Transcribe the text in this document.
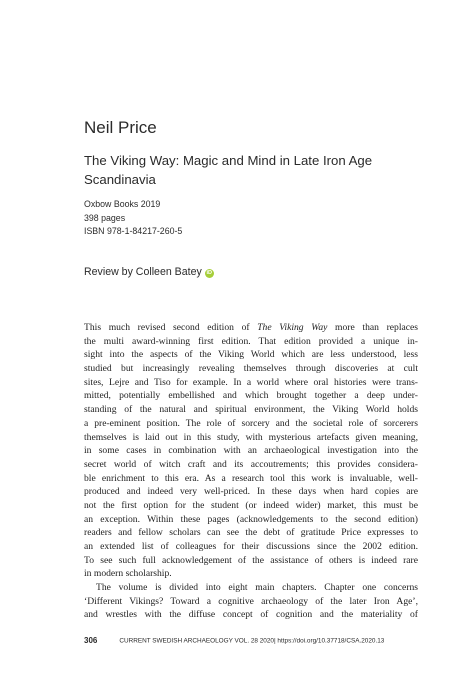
Neil Price
The Viking Way: Magic and Mind in Late Iron Age Scandinavia
Oxbow Books 2019
398 pages
ISBN 978-1-84217-260-5
Review by Colleen Batey iD
This much revised second edition of The Viking Way more than replaces
the multi award-winning first edition. That edition provided a unique in-
sight into the aspects of the Viking World which are less understood, less
studied but increasingly revealing themselves through discoveries at cult
sites, Lejre and Tiso for example. In a world where oral histories were trans-
mitted, potentially embellished and which brought together a deep under-
standing of the natural and spiritual environment, the Viking World holds
a pre-eminent position. The role of sorcery and the societal role of sorcerers
themselves is laid out in this study, with mysterious artefacts given meaning,
in some cases in combination with an archaeological investigation into the
secret world of witch craft and its accoutrements; this provides considera-
ble enrichment to this era. As a research tool this work is invaluable, well-
produced and indeed very well-priced. In these days when hard copies are
not the first option for the student (or indeed wider) market, this must be
an exception. Within these pages (acknowledgements to the second edition)
readers and fellow scholars can see the debt of gratitude Price expresses to
an extended list of colleagues for their discussions since the 2002 edition.
To see such full acknowledgement of the assistance of others is indeed rare
in modern scholarship.
The volume is divided into eight main chapters. Chapter one concerns
‘Different Vikings? Toward a cognitive archaeology of the later Iron Age’,
and wrestles with the diffuse concept of cognition and the materiality of
306	CURRENT SWEDISH ARCHAEOLOGY VOL. 28 2020| https://doi.org/10.37718/CSA.2020.13
